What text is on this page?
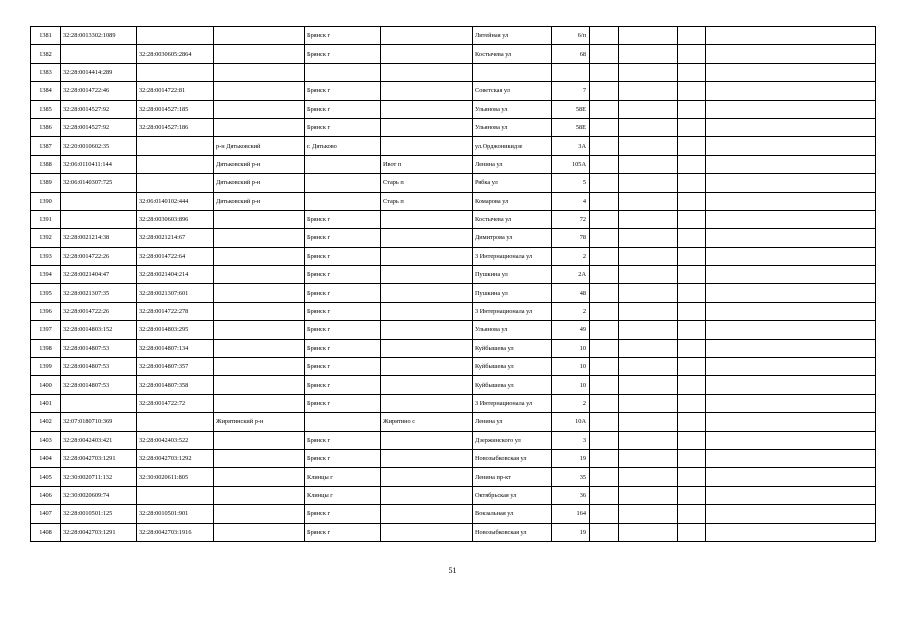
1381	32:28:0013302:1089			Брянск г		Литейная ул	6/п				
1382		32:28:0030605:2864		Брянск г		Костычева ул	68				
1383	32:28:0014414:289										
1384	32:28:0014722:46	32:28:0014722:81		Брянск г		Советская ул	7				
1385	32:28:0014527:92	32:28:0014527:185		Брянск г		Ульянова ул	58Е				
1386	32:28:0014527:92	32:28:0014527:186		Брянск г		Ульянова ул	58Е				
1387	32:20:0010602:35		р-н Дятьковский	г. Дятьково		ул.Орджоникидзе	3А				
1388	32:06:0110411:144		Дятьковский р-н		Ивот п	Ленина ул	105А				
1389	32:06:0140307:725		Дятьковский р-н		Старь п	Рябка ул	5				
1390		32:06:0140102:444	Дятьковский р-н		Старь п	Комарова ул	4				
1391		32:28:0030603:896		Брянск г		Костычева ул	72				
1392	32:28:0021214:38	32:28:0021214:67		Брянск г		Димитрова ул	78				
1393	32:28:0014722:26	32:28:0014722:64		Брянск г		3 Интернационала ул	2				
1394	32:28:0021404:47	32:28:0021404:214		Брянск г		Пушкина ул	2А				
1395	32:28:0021307:35	32:28:0021307:601		Брянск г		Пушкина ул	48				
1396	32:28:0014722:26	32:28:0014722:278		Брянск г		3 Интернационала ул	2				
1397	32:28:0014803:152	32:28:0014803:295		Брянск г		Ульянова ул	49				
1398	32:28:0014807:53	32:28:0014807:134		Брянск г		Куйбышева ул	10				
1399	32:28:0014807:53	32:28:0014807:357		Брянск г		Куйбышева ул	10				
1400	32:28:0014807:53	32:28:0014807:358		Брянск г		Куйбышева ул	10				
1401		32:28:0014722:72		Брянск г		3 Интернационала ул	2				
1402	32:07:0180710:369		Жирятинский р-н		Жирятино с	Ленина ул	10А				
1403	32:28:0042403:421	32:28:0042403:522		Брянск г		Дзержинского ул	3				
1404	32:28:0042703:1291	32:28:0042703:1292		Брянск г		Новозыбковская ул	19				
1405	32:30:0020711:132	32:30:0020611:805		Клинцы г		Ленина пр-кт	35				
1406	32:30:0020609:74			Клинцы г		Октябрьская ул	36				
1407	32:28:0010501:125	32:28:0010501:901		Брянск г		Вокзальная ул	164				
1408	32:28:0042703:1291	32:28:0042703:1916		Брянск г		Новозыбковская ул	19				
51
